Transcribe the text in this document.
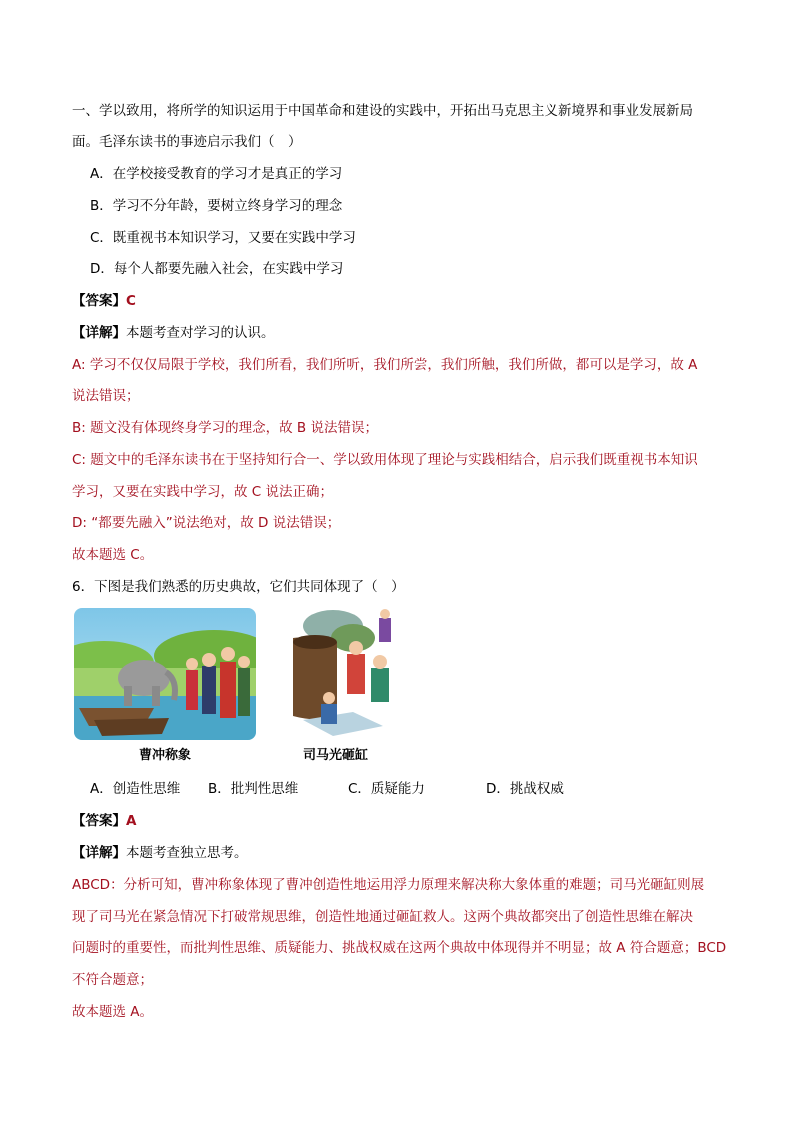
一、学以致用，将所学的知识运用于中国革命和建设的实践中，开拓出马克思主义新境界和事业发展新局
面。毛泽东读书的事迹启示我们（　）
A．在学校接受教育的学习才是真正的学习
B．学习不分年龄，要树立终身学习的理念
C．既重视书本知识学习，又要在实践中学习
D．每个人都要先融入社会，在实践中学习
【答案】C
【详解】本题考查对学习的认识。
A: 学习不仅仅局限于学校，我们所看，我们所听，我们所尝，我们所触，我们所做，都可以是学习，故 A
说法错误；
B: 题文没有体现终身学习的理念，故 B 说法错误；
C: 题文中的毛泽东读书在于坚持知行合一、学以致用体现了理论与实践相结合，启示我们既重视书本知识
学习，又要在实践中学习，故 C 说法正确；
D: “都要先融入”说法绝对，故 D 说法错误；
故本题选 C。
6．下图是我们熟悉的历史典故，它们共同体现了（　）
曹冲称象	司马光砸缸
A．创造性思维 B．批判性思维	C．质疑能力	D．挑战权威
【答案】A
【详解】本题考查独立思考。
ABCD：分析可知，曹冲称象体现了曹冲创造性地运用浮力原理来解决称大象体重的难题；司马光砸缸则展
现了司马光在紧急情况下打破常规思维，创造性地通过砸缸救人。这两个典故都突出了创造性思维在解决
问题时的重要性，而批判性思维、质疑能力、挑战权威在这两个典故中体现得并不明显；故 A 符合题意；BCD
不符合题意；
故本题选 A。
